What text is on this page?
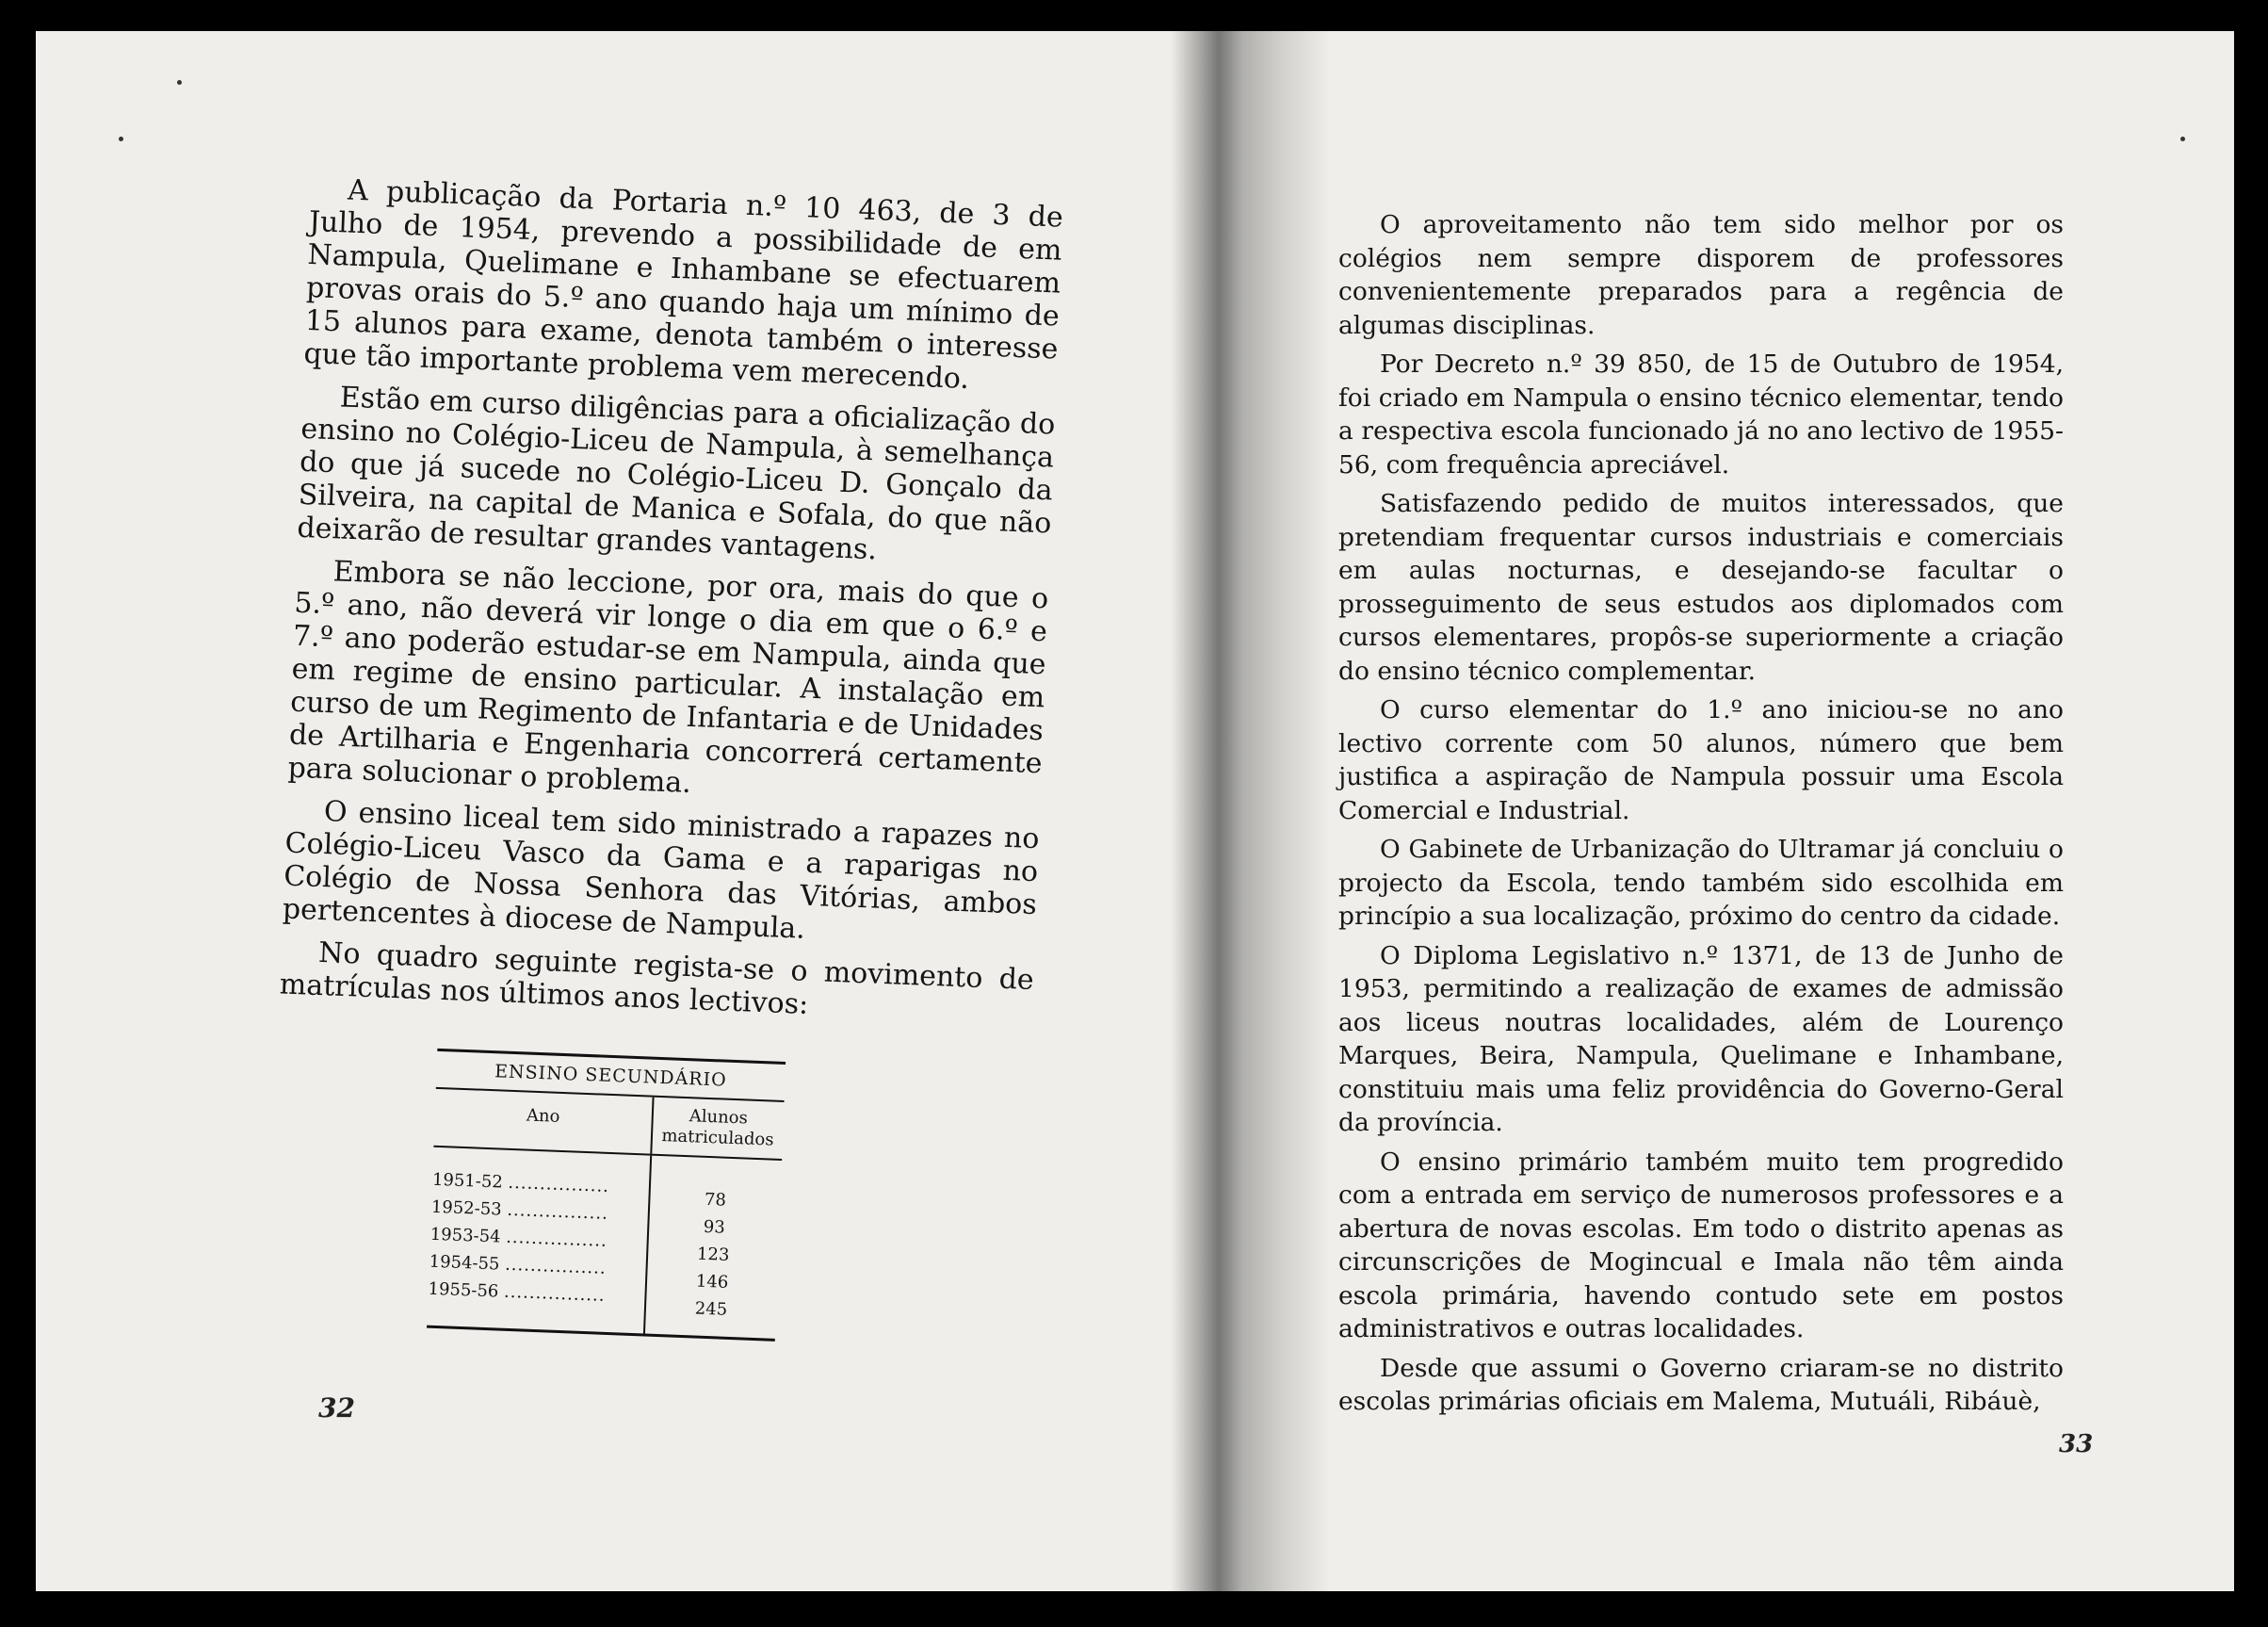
A publicação da Portaria n.º 10 463, de 3 de Julho de 1954, prevendo a possibilidade de em Nampula, Quelimane e Inhambane se efectuarem provas orais do 5.º ano quando haja um mínimo de 15 alunos para exame, denota também o interesse que tão importante problema vem merecendo.

Estão em curso diligências para a oficialização do ensino no Colégio-Liceu de Nampula, à semelhança do que já sucede no Colégio-Liceu D. Gonçalo da Silveira, na capital de Manica e Sofala, do que não deixarão de resultar grandes vantagens.

Embora se não leccione, por ora, mais do que o 5.º ano, não deverá vir longe o dia em que o 6.º e 7.º ano poderão estudar-se em Nampula, ainda que em regime de ensino particular. A instalação em curso de um Regimento de Infantaria e de Unidades de Artilharia e Engenharia concorrerá certamente para solucionar o problema.

O ensino liceal tem sido ministrado a rapazes no Colégio-Liceu Vasco da Gama e a raparigas no Colégio de Nossa Senhora das Vitórias, ambos pertencentes à diocese de Nampula.

No quadro seguinte regista-se o movimento de matrículas nos últimos anos lectivos:

ENSINO SECUNDÁRIO
Ano	Alunos
matriculados
1951-52 ................
1952-53 ................
1953-54 ................
1954-55 ................
1955-56 ................
78
93
123
146
245
32

O aproveitamento não tem sido melhor por os colégios nem sempre disporem de professores convenientemente preparados para a regência de algumas disciplinas.

Por Decreto n.º 39 850, de 15 de Outubro de 1954, foi criado em Nampula o ensino técnico elementar, tendo a respectiva escola funcionado já no ano lectivo de 1955-56, com frequência apreciável.

Satisfazendo pedido de muitos interessados, que pretendiam frequentar cursos industriais e comerciais em aulas nocturnas, e desejando-se facultar o prosseguimento de seus estudos aos diplomados com cursos elementares, propôs-se superiormente a criação do ensino técnico complementar.

O curso elementar do 1.º ano iniciou-se no ano lectivo corrente com 50 alunos, número que bem justifica a aspiração de Nampula possuir uma Escola Comercial e Industrial.

O Gabinete de Urbanização do Ultramar já concluiu o projecto da Escola, tendo também sido escolhida em princípio a sua localização, próximo do centro da cidade.

O Diploma Legislativo n.º 1371, de 13 de Junho de 1953, permitindo a realização de exames de admissão aos liceus noutras localidades, além de Lourenço Marques, Beira, Nampula, Quelimane e Inhambane, constituiu mais uma feliz providência do Governo-Geral da província.

O ensino primário também muito tem progredido com a entrada em serviço de numerosos professores e a abertura de novas escolas. Em todo o distrito apenas as circunscrições de Mogincual e Imala não têm ainda escola primária, havendo contudo sete em postos administrativos e outras localidades.

Desde que assumi o Governo criaram-se no distrito escolas primárias oficiais em Malema, Mutuáli, Ribáuè,

33
